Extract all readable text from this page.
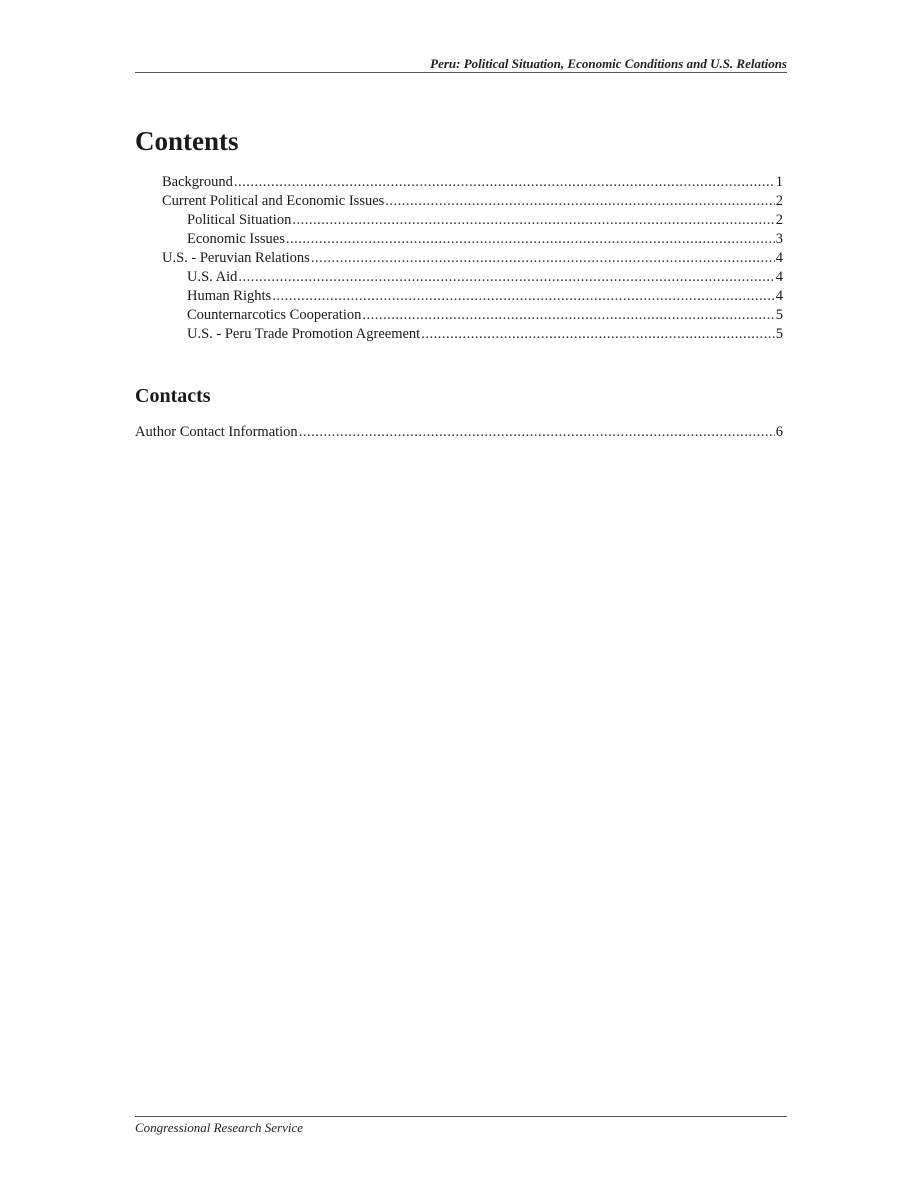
Peru: Political Situation, Economic Conditions and U.S. Relations
Contents
Background .....	1
Current Political and Economic Issues .....	2
Political Situation .....	2
Economic Issues .....	3
U.S. - Peruvian Relations .....	4
U.S. Aid .....	4
Human Rights .....	4
Counternarcotics Cooperation .....	5
U.S. - Peru Trade Promotion Agreement .....	5
Contacts
Author Contact Information .....	6
Congressional Research Service
